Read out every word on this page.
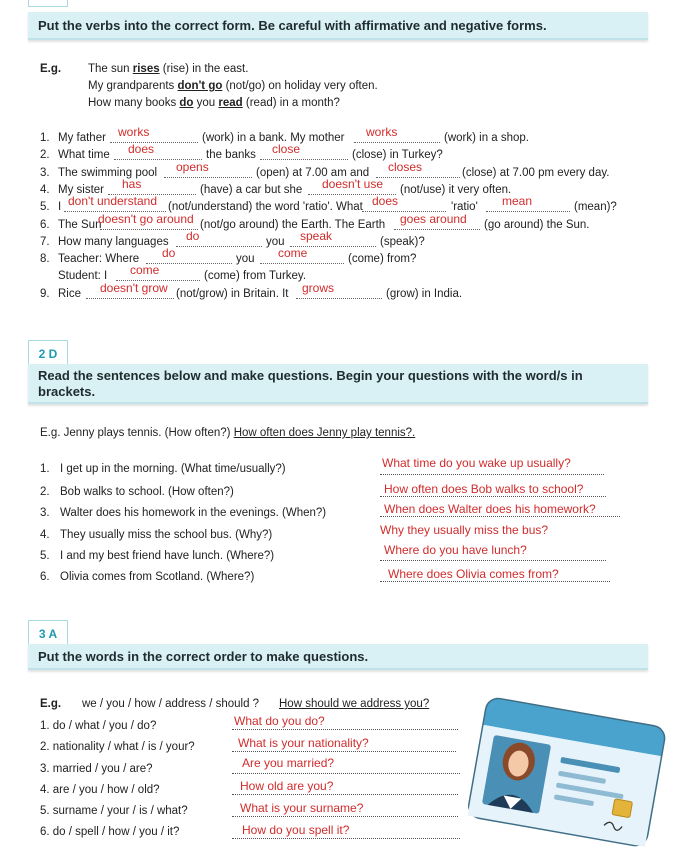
Put the verbs into the correct form. Be careful with affirmative and negative forms.
E.g. The sun rises (rise) in the east.
My grandparents don't go (not/go) on holiday very often.
How many books do you read (read) in a month?
1.
2.
3.
4.
5.
6.
7.
8.
9.
My father works	(work) in a bank. My mother works	(work) in a shop.
What time does	the banks close	(close) in Turkey?
The swimming pool opens	(open) at 7.00 am and closes	(close) at 7.00 pm every day.
My sister has	(have) a car but she doesn't use (not/use) it very often.
I don't understand (not/understand) the word 'ratio'. What does	'ratio' mean	(mean)?
The Sun
doesn't go around (not/go around) the Earth. The Earth goes around (go around) the Sun.
How many languages do	you speak	(speak)?
Teacher: Where do	you come	(come) from?
Student: I come	(come) from Turkey.
Rice doesn't grow (not/grow) in Britain. It grows	(grow) in India.
2 D
Read the sentences below and make questions. Begin your questions with the word/s in brackets.
E.g. Jenny plays tennis. (How often?) How often does Jenny play tennis?.
1. I get up in the morning. (What time/usually?)	What time do you wake up usually?
2. Bob walks to school. (How often?)	How often does Bob walks to school?
3. Walter does his homework in the evenings. (When?)	When does Walter does his homework?
4. They usually miss the school bus. (Why?)	Why they usually miss the bus?
5. I and my best friend have lunch. (Where?)	Where do you have lunch?
6. Olivia comes from Scotland. (Where?)	Where does Olivia comes from?
3 A
Put the words in the correct order to make questions.
E.g. we / you / how / address / should ? How should we address you?
1. do / what / you / do?	What do you do?
2. nationality / what / is / your?	What is your nationality?
3. married / you / are?	Are you married?
4. are / you / how / old?	How old are you?
5. surname / your / is / what?	What is your surname?
6. do / spell / how / you / it?	How do you spell it?
